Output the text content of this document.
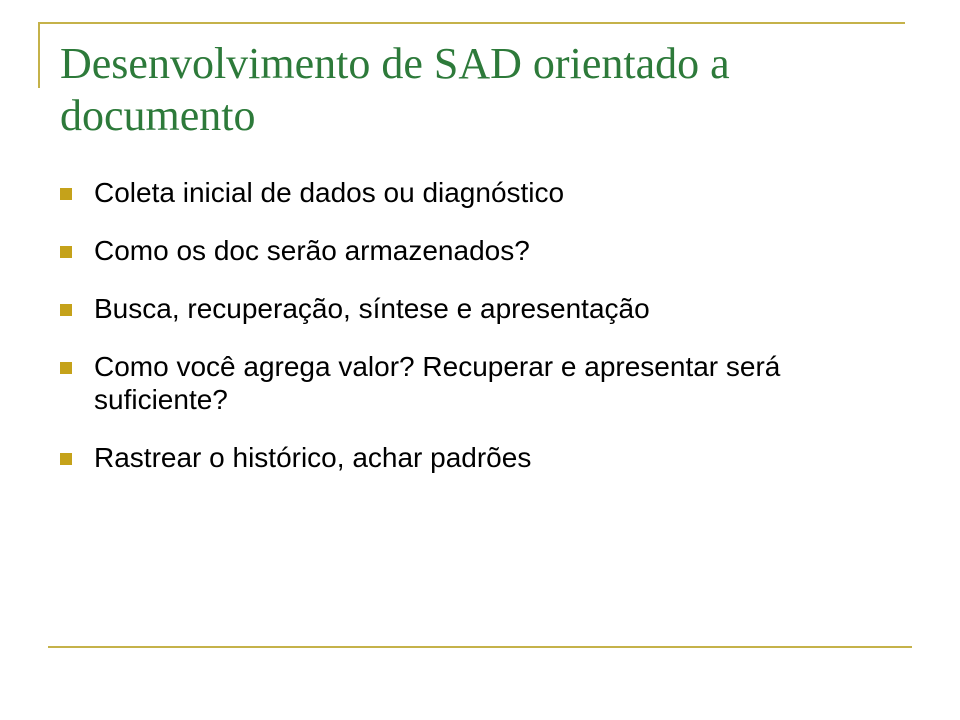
Desenvolvimento de SAD orientado a documento
Coleta inicial de dados ou diagnóstico
Como os doc serão armazenados?
Busca, recuperação, síntese e apresentação
Como você agrega valor? Recuperar e apresentar será suficiente?
Rastrear o histórico, achar padrões
